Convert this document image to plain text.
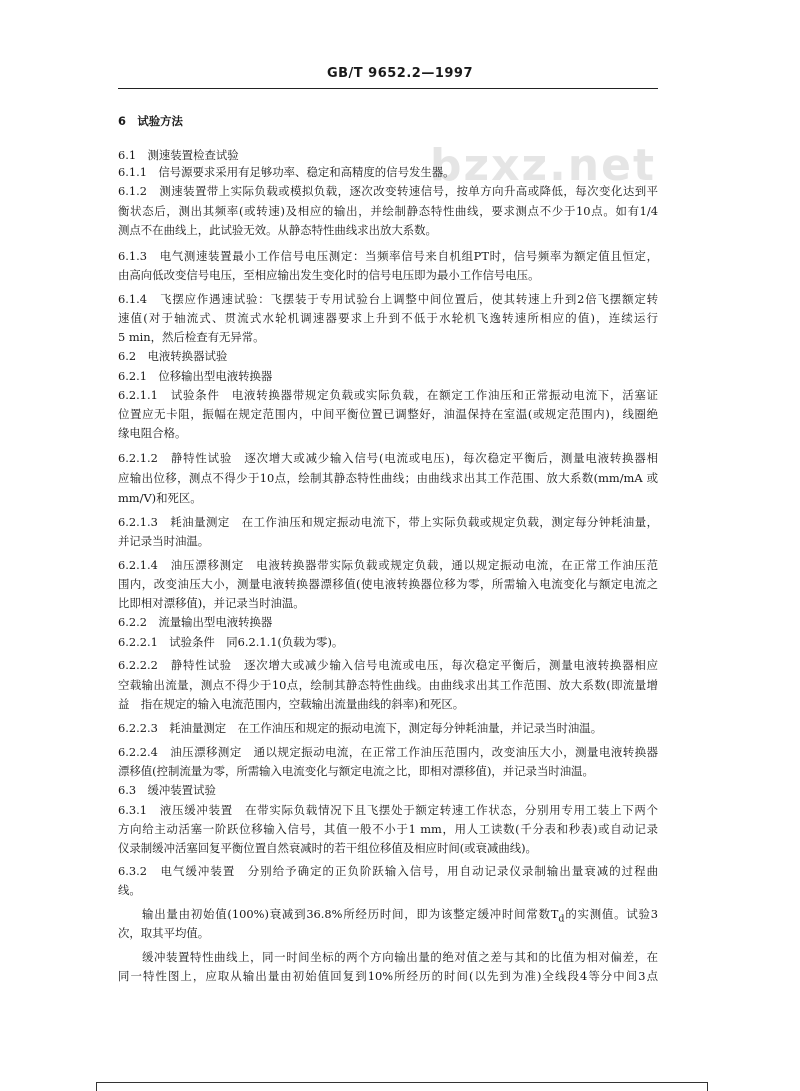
GB/T 9652.2—1997
bzxz.net
6　试验方法
6.1　测速装置检查试验
6.1.1　信号源要求采用有足够功率、稳定和高精度的信号发生器。
6.1.2　测速装置带上实际负载或模拟负载，逐次改变转速信号，按单方向升高或降低，每次变化达到平
衡状态后，测出其频率(或转速)及相应的输出，并绘制静态特性曲线，要求测点不少于10点。如有1/4
测点不在曲线上，此试验无效。从静态特性曲线求出放大系数。
6.1.3　电气测速装置最小工作信号电压测定：当频率信号来自机组PT时，信号频率为额定值且恒定，
由高向低改变信号电压，至相应输出发生变化时的信号电压即为最小工作信号电压。
6.1.4　飞摆应作遇速试验：飞摆装于专用试验台上调整中间位置后，使其转速上升到2倍飞摆额定转
速值(对于轴流式、贯流式水轮机调速器要求上升到不低于水轮机飞逸转速所相应的值)，连续运行
5 min，然后检查有无异常。
6.2　电液转换器试验
6.2.1　位移输出型电液转换器
6.2.1.1　试验条件　电液转换器带规定负载或实际负载，在额定工作油压和正常振动电流下，活塞证
位置应无卡阻，振幅在规定范围内，中间平衡位置已调整好，油温保持在室温(或规定范围内)，线圈绝
缘电阻合格。
6.2.1.2　静特性试验　逐次增大或减少输入信号(电流或电压)，每次稳定平衡后，测量电液转换器相
应输出位移，测点不得少于10点，绘制其静态特性曲线；由曲线求出其工作范围、放大系数(mm/mA 或
mm/V)和死区。
6.2.1.3　耗油量测定　在工作油压和规定振动电流下，带上实际负载或规定负载，测定每分钟耗油量，
并记录当时油温。
6.2.1.4　油压漂移测定　电液转换器带实际负载或规定负载，通以规定振动电流，在正常工作油压范
围内，改变油压大小，测量电液转换器漂移值(使电液转换器位移为零，所需输入电流变化与额定电流之
比即相对漂移值)，并记录当时油温。
6.2.2　流量输出型电液转换器
6.2.2.1　试验条件　同6.2.1.1(负载为零)。
6.2.2.2　静特性试验　逐次增大或减少输入信号电流或电压，每次稳定平衡后，测量电液转换器相应
空载输出流量，测点不得少于10点，绘制其静态特性曲线。由曲线求出其工作范围、放大系数(即流量增
益　指在规定的输入电流范围内，空载输出流量曲线的斜率)和死区。
6.2.2.3　耗油量测定　在工作油压和规定的振动电流下，测定每分钟耗油量，并记录当时油温。
6.2.2.4　油压漂移测定　通以规定振动电流，在正常工作油压范围内，改变油压大小，测量电液转换器
漂移值(控制流量为零，所需输入电流变化与额定电流之比，即相对漂移值)，并记录当时油温。
6.3　缓冲装置试验
6.3.1　液压缓冲装置　在带实际负载情况下且飞摆处于额定转速工作状态，分别用专用工装上下两个
方向给主动活塞一阶跃位移输入信号，其值一般不小于1 mm，用人工读数(千分表和秒表)或自动记录
仪录制缓冲活塞回复平衡位置自然衰减时的若干组位移值及相应时间(或衰减曲线)。
6.3.2　电气缓冲装置　分别给予确定的正负阶跃输入信号，用自动记录仪录制输出量衰减的过程曲
线。
输出量由初始值(100%)衰减到36.8%所经历时间，即为该整定缓冲时间常数$T_d$的实测值。试验3
次，取其平均值。
缓冲装置特性曲线上，同一时间坐标的两个方向输出量的绝对值之差与其和的比值为相对偏差，在
同一特性图上，应取从输出量由初始值回复到10%所经历的时间(以先到为准)全线段4等分中间3点
